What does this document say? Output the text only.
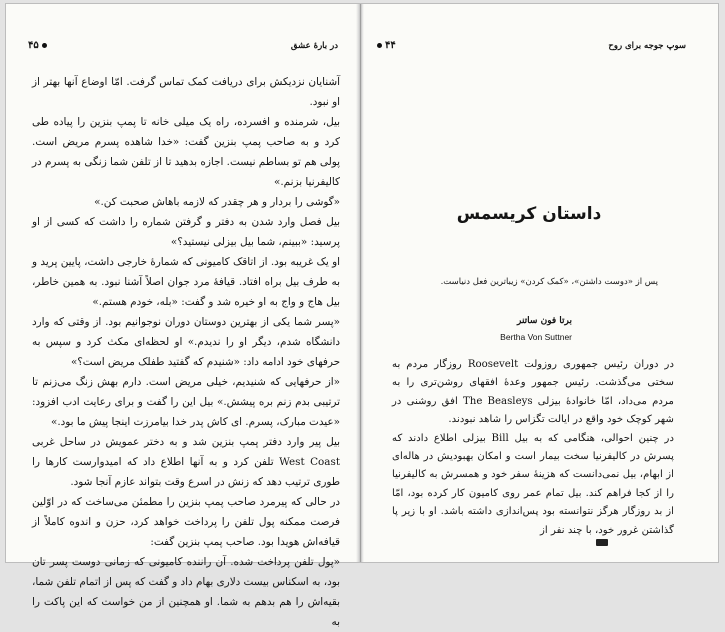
در بارۀ عشق
۴۵

آشنایان نزدیکش برای دریافت کمک تماس گرفت. امّا اوضاع آنها بهتر از او نبود.

بیل، شرمنده و افسرده، راه یک میلی خانه تا پمپ بنزین را پیاده طی کرد و به صاحب پمپ بنزین گفت: «خدا شاهده پسرم مریض است. پولی هم تو بساطم نیست. اجازه بدهید تا از تلفن شما زنگی به پسرم در کالیفرنیا بزنم.»

«گوشی را بردار و هر چقدر که لازمه باهاش صحبت کن.»

بیل فصل وارد شدن به دفتر و گرفتن شماره را داشت که کسی از او پرسید: «ببینم، شما بیل بیزلی نیستید؟»

او یک غریبه بود. از اتاقک کامیونی که شمارۀ خارجی داشت، پایین پرید و به طرف بیل براه افتاد. قیافۀ مرد جوان اصلاً آشنا نبود. به همین خاطر، بیل هاج و واج به او خیره شد و گفت: «بله، خودم هستم.»

«پسر شما یکی از بهترین دوستان دوران نوجوانیم بود. از وقتی که وارد دانشگاه شدم، دیگر او را ندیدم.» او لحظه‌ای مکث کرد و سپس به حرفهای خود ادامه داد: «شنیدم که گفتید طفلک مریض است؟»

«از حرفهایی که شنیدیم، خیلی مریض است. دارم بهش زنگ می‌زنم تا ترتیبی بدم زنم بره پیشش.» بیل این را گفت و برای رعایت ادب افزود: «عیدت مبارک، پسرم. ای کاش پدر خدا بیامرزت اینجا پیش ما بود.»

بیل پیر وارد دفتر پمپ بنزین شد و به دختر عمویش در ساحل غربی West Coast تلفن کرد و به آنها اطلاع داد که امیدوارست کارها را طوری ترتیب دهد که زنش در اسرع وقت بتواند عازم آنجا شود.

در حالی که پیرمرد صاحب پمپ بنزین را مطمئن می‌ساخت که در اوّلین فرصت ممکنه پول تلفن را پرداخت خواهد کرد، حزن و اندوه کاملاً از قیافه‌اش هویدا بود. صاحب پمپ بنزین گفت:

«پول تلفن پرداخت شده. آن راننده کامیونی که زمانی دوست پسر تان بود، به اسکناس بیست دلاری بهام داد و گفت که پس از اتمام تلفن شما، بقیه‌اش را هم بدهم به شما. او همچنین از من خواست که این پاکت را به

سوپ جوجه برای روح
۴۴
داستان کریسمس
پس از «دوست داشتن»، «کمک کردن» زیباترین فعل دنیاست.
برتا فون ساتنر
Bertha Von Suttner

در دوران رئیس جمهوری روزولت Roosevelt روزگار مردم به سختی می‌گذشت. رئیس جمهور وعدۀ افقهای روشن‌تری را به مردم می‌داد، امّا خانوادۀ بیزلی The Beasleys افق روشنی در شهر کوچک خود واقع در ایالت تگزاس را شاهد نبودند.

در چنین احوالی، هنگامی که به بیل Bill بیزلی اطلاع دادند که پسرش در کالیفرنیا سخت بیمار است و امکان بهبودیش در هاله‌ای از ابهام، بیل نمی‌دانست که هزینۀ سفر خود و همسرش به کالیفرنیا را از کجا فراهم کند. بیل تمام عمر روی کامیون کار کرده بود، امّا از بد روزگار هرگز نتوانسته بود پس‌اندازی داشته باشد. او با زیر پا گذاشتن غرور خود، با چند نفر از
